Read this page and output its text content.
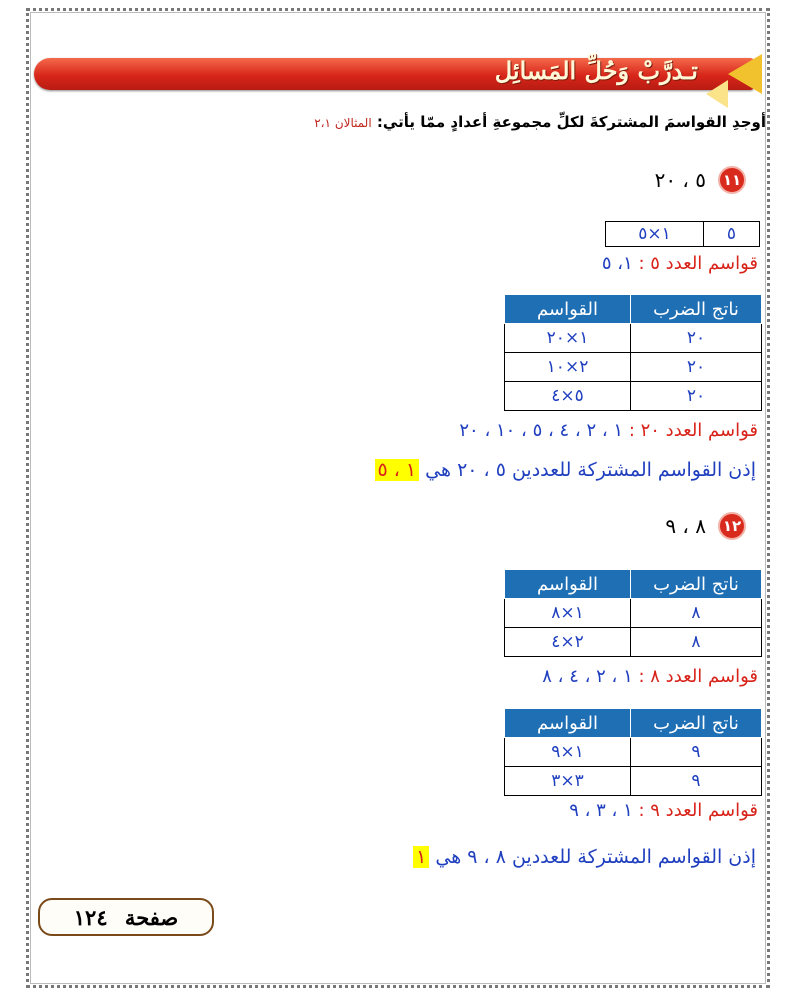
تـدرَّبْ وَحُلِّ المَسائِل
أوجدِ القواسمَ المشتركةَ لكلِّ مجموعةِ أعدادٍ ممّا يأتي: المثالان ٢،١
١١
٥ ، ٢٠
٥	١×٥
قواسم العدد ٥ : ١، ٥
ناتج الضرب	القواسم
٢٠	١×٢٠
٢٠	٢×١٠
٢٠	٥×٤
قواسم العدد ٢٠ : ١ ، ٢ ، ٤ ، ٥ ، ١٠ ، ٢٠
إذن القواسم المشتركة للعددين ٥ ، ٢٠ هي ١ ،٥
١٢
٨ ، ٩
ناتج الضرب	القواسم
٨	١×٨
٨	٢×٤
قواسم العدد ٨ : ١ ، ٢ ، ٤ ، ٨
ناتج الضرب	القواسم
٩	١×٩
٩	٣×٣
قواسم العدد ٩ : ١ ، ٣ ، ٩
إذن القواسم المشتركة للعددين ٨ ، ٩ هي ١
صفحة ١٢٤
